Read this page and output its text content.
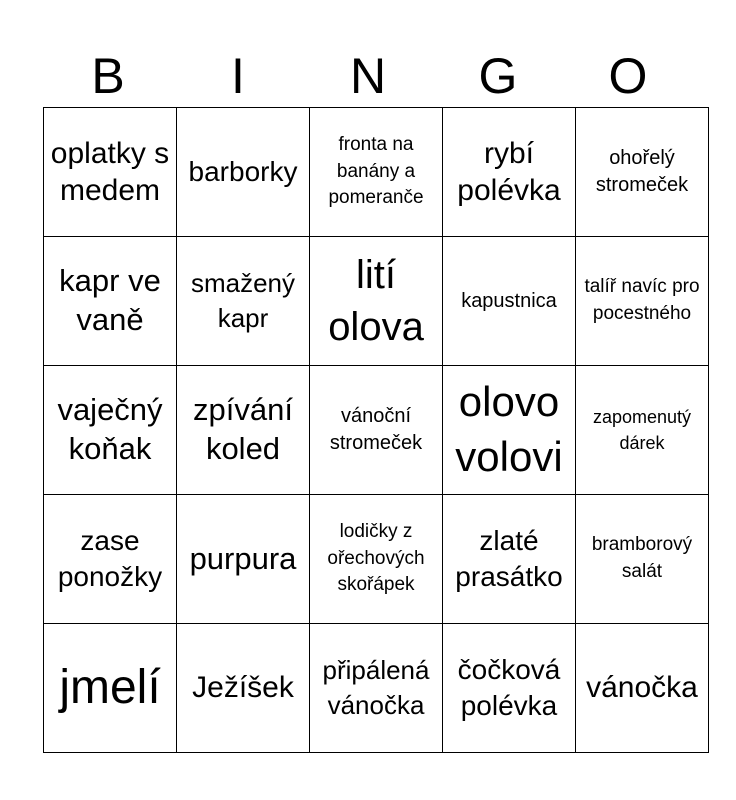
B	I	N	G	O
oplatky s medem	barborky	fronta na banány a pomeranče	rybí polévka	ohořelý stromeček
kapr ve vaně	smažený kapr	lití olova	kapustnica	talíř navíc pro pocestného
vaječný koňak	zpívání koled	vánoční stromeček	olovo volovi	zapomenutý dárek
zase ponožky	purpura	lodičky z ořechových skořápek	zlaté prasátko	bramborový salát
jmelí	Ježíšek	připálená vánočka	čočková polévka	vánočka
